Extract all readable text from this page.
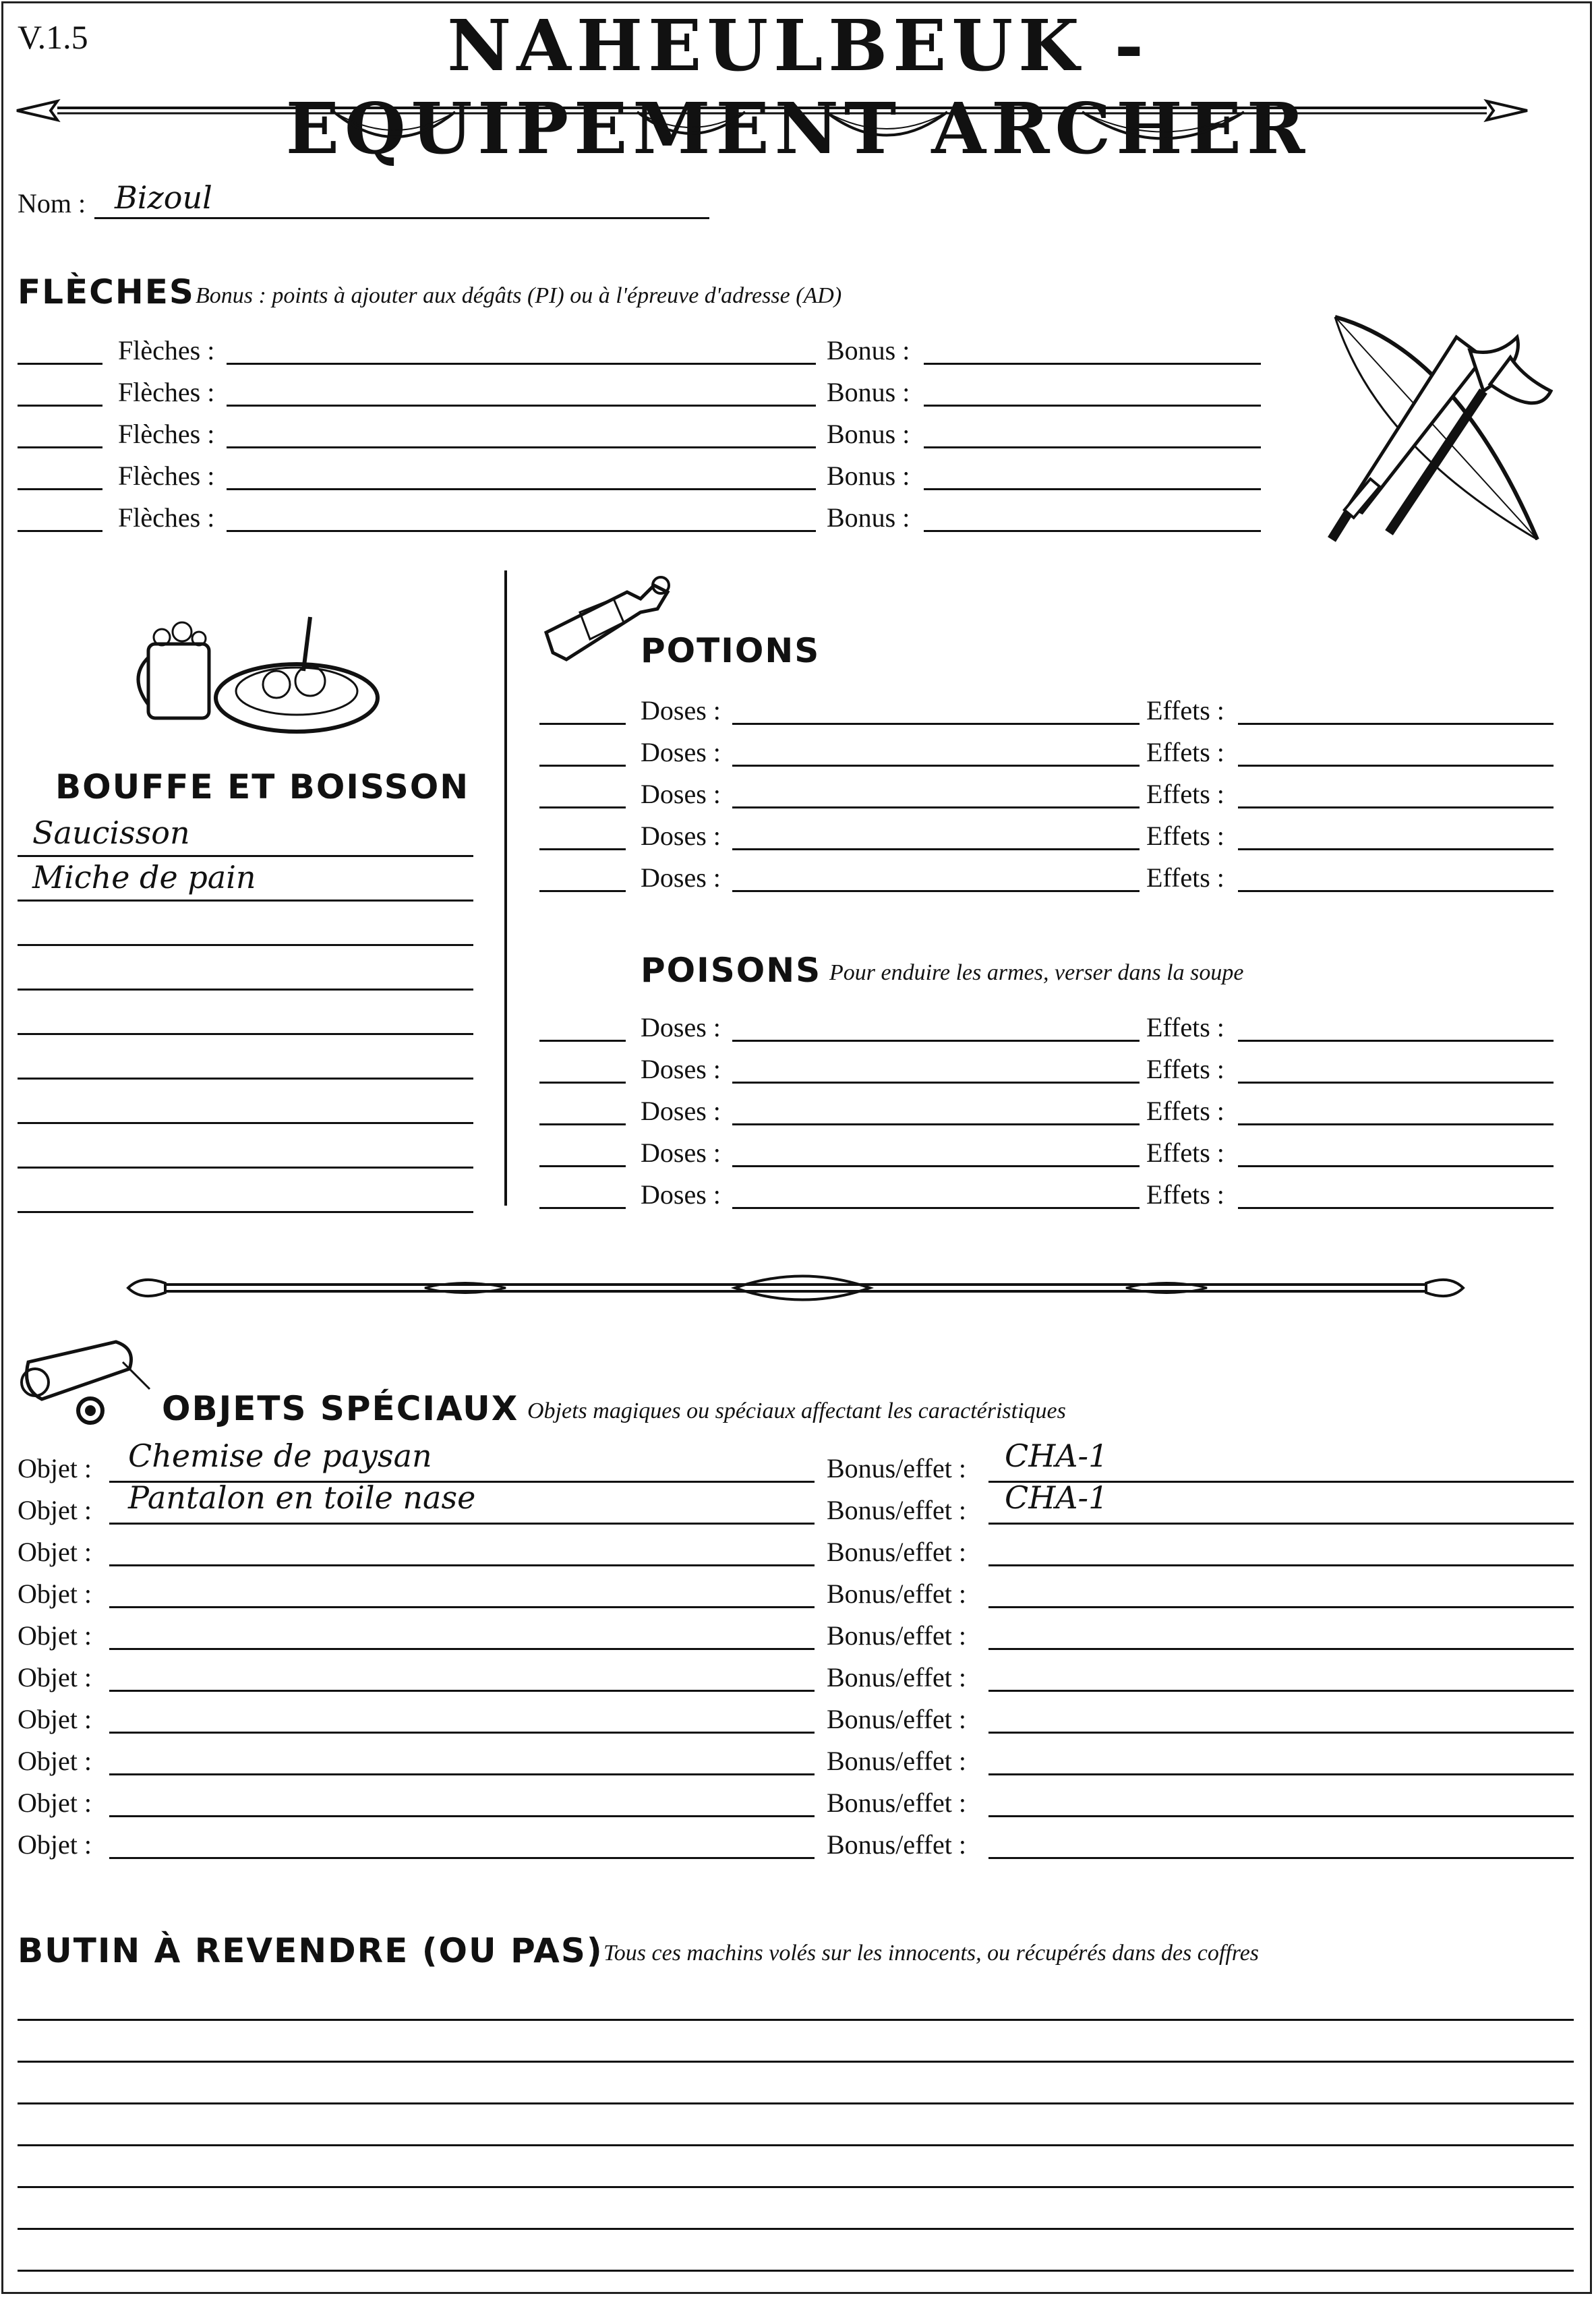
V.1.5	NAHEULBEUK - EQUIPEMENT ARCHER
Nom : Bizoul
FLÈCHES Bonus : points à ajouter aux dégâts (PI) ou à l'épreuve d'adresse (AD)
Flèches :	Bonus :
Flèches :	Bonus :
Flèches :	Bonus :
Flèches :	Bonus :
Flèches :	Bonus :
BOUFFE ET BOISSON
Saucisson
Miche de pain
POTIONS
Doses :	Effets :
Doses :	Effets :
Doses :	Effets :
Doses :	Effets :
Doses :	Effets :
POISONS Pour enduire les armes, verser dans la soupe
Doses :	Effets :
Doses :	Effets :
Doses :	Effets :
Doses :	Effets :
Doses :	Effets :
OBJETS SPÉCIAUX Objets magiques ou spéciaux affectant les caractéristiques
Objet : Chemise de paysan	Bonus/effet : CHA-1
Objet : Pantalon en toile nase	Bonus/effet : CHA-1
Objet :	Bonus/effet :
Objet :	Bonus/effet :
Objet :	Bonus/effet :
Objet :	Bonus/effet :
Objet :	Bonus/effet :
Objet :	Bonus/effet :
Objet :	Bonus/effet :
Objet :	Bonus/effet :
BUTIN À REVENDRE (OU PAS) Tous ces machins volés sur les innocents, ou récupérés dans des coffres
